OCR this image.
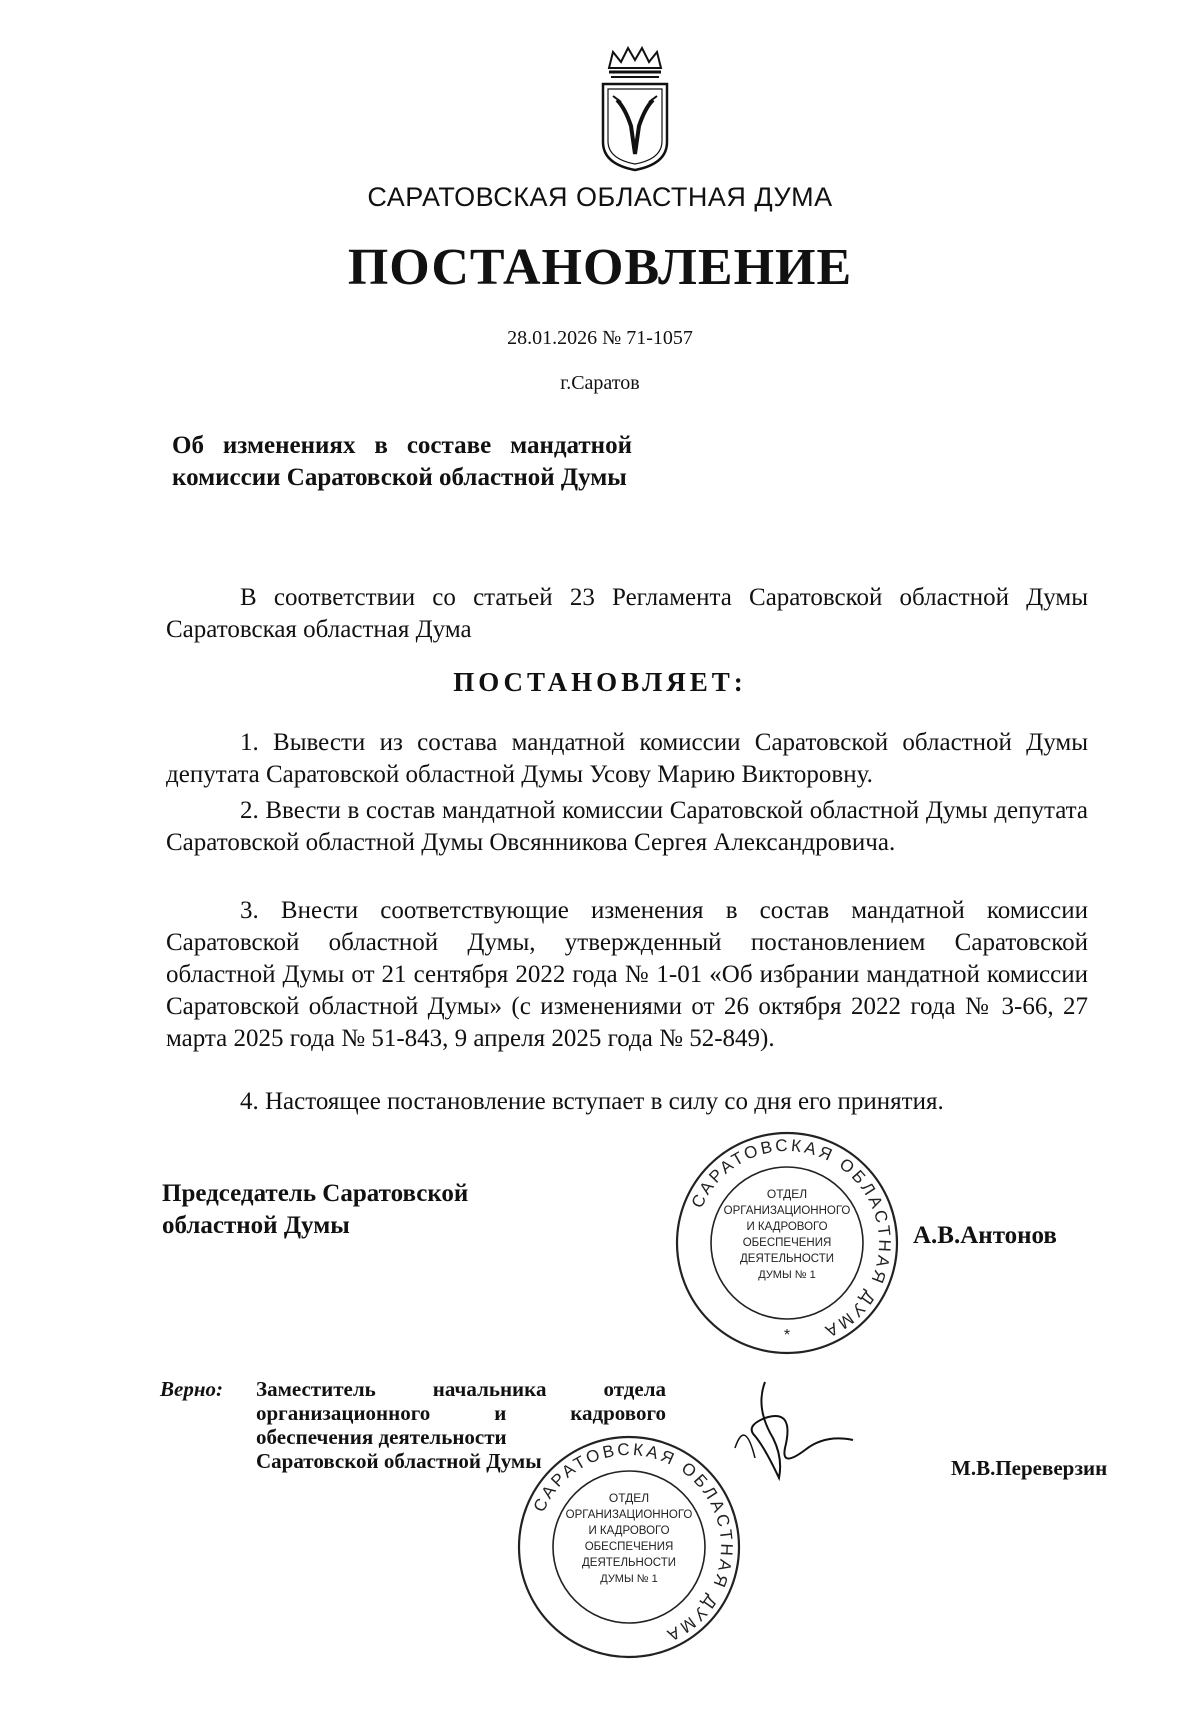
САРАТОВСКАЯ ОБЛАСТНАЯ ДУМА
ПОСТАНОВЛЕНИЕ
28.01.2026 № 71-1057
г.Саратов
Об изменениях в составе мандатной комиссии Саратовской областной Думы
В соответствии со статьей 23 Регламента Саратовской областной Думы Саратовская областная Дума
ПОСТАНОВЛЯЕТ:
1. Вывести из состава мандатной комиссии Саратовской областной Думы депутата Саратовской областной Думы Усову Марию Викторовну.
2. Ввести в состав мандатной комиссии Саратовской областной Думы депутата Саратовской областной Думы Овсянникова Сергея Александровича.
3. Внести соответствующие изменения в состав мандатной комиссии Саратовской областной Думы, утвержденный постановлением Саратовской областной Думы от 21 сентября 2022 года № 1-01 «Об избрании мандатной комиссии Саратовской областной Думы» (с изменениями от 26 октября 2022 года № 3-66, 27 марта 2025 года № 51-843, 9 апреля 2025 года № 52-849).
4. Настоящее постановление вступает в силу со дня его принятия.
Председатель Саратовской областной Думы	А.В.Антонов
САРАТОВСКАЯ ОБЛАСТНАЯ ДУМА
ОТДЕЛ
ОРГАНИЗАЦИОННОГО
И КАДРОВОГО
ОБЕСПЕЧЕНИЯ
ДЕЯТЕЛЬНОСТИ
ДУМЫ № 1
*
Верно: Заместитель начальника отдела
организационного и кадрового
обеспечения деятельности
Саратовской областной Думы	М.В.Переверзин
САРАТОВСКАЯ ОБЛАСТНАЯ ДУМА
ОТДЕЛ
ОРГАНИЗАЦИОННОГО
И КАДРОВОГО
ОБЕСПЕЧЕНИЯ
ДЕЯТЕЛЬНОСТИ
ДУМЫ № 1
